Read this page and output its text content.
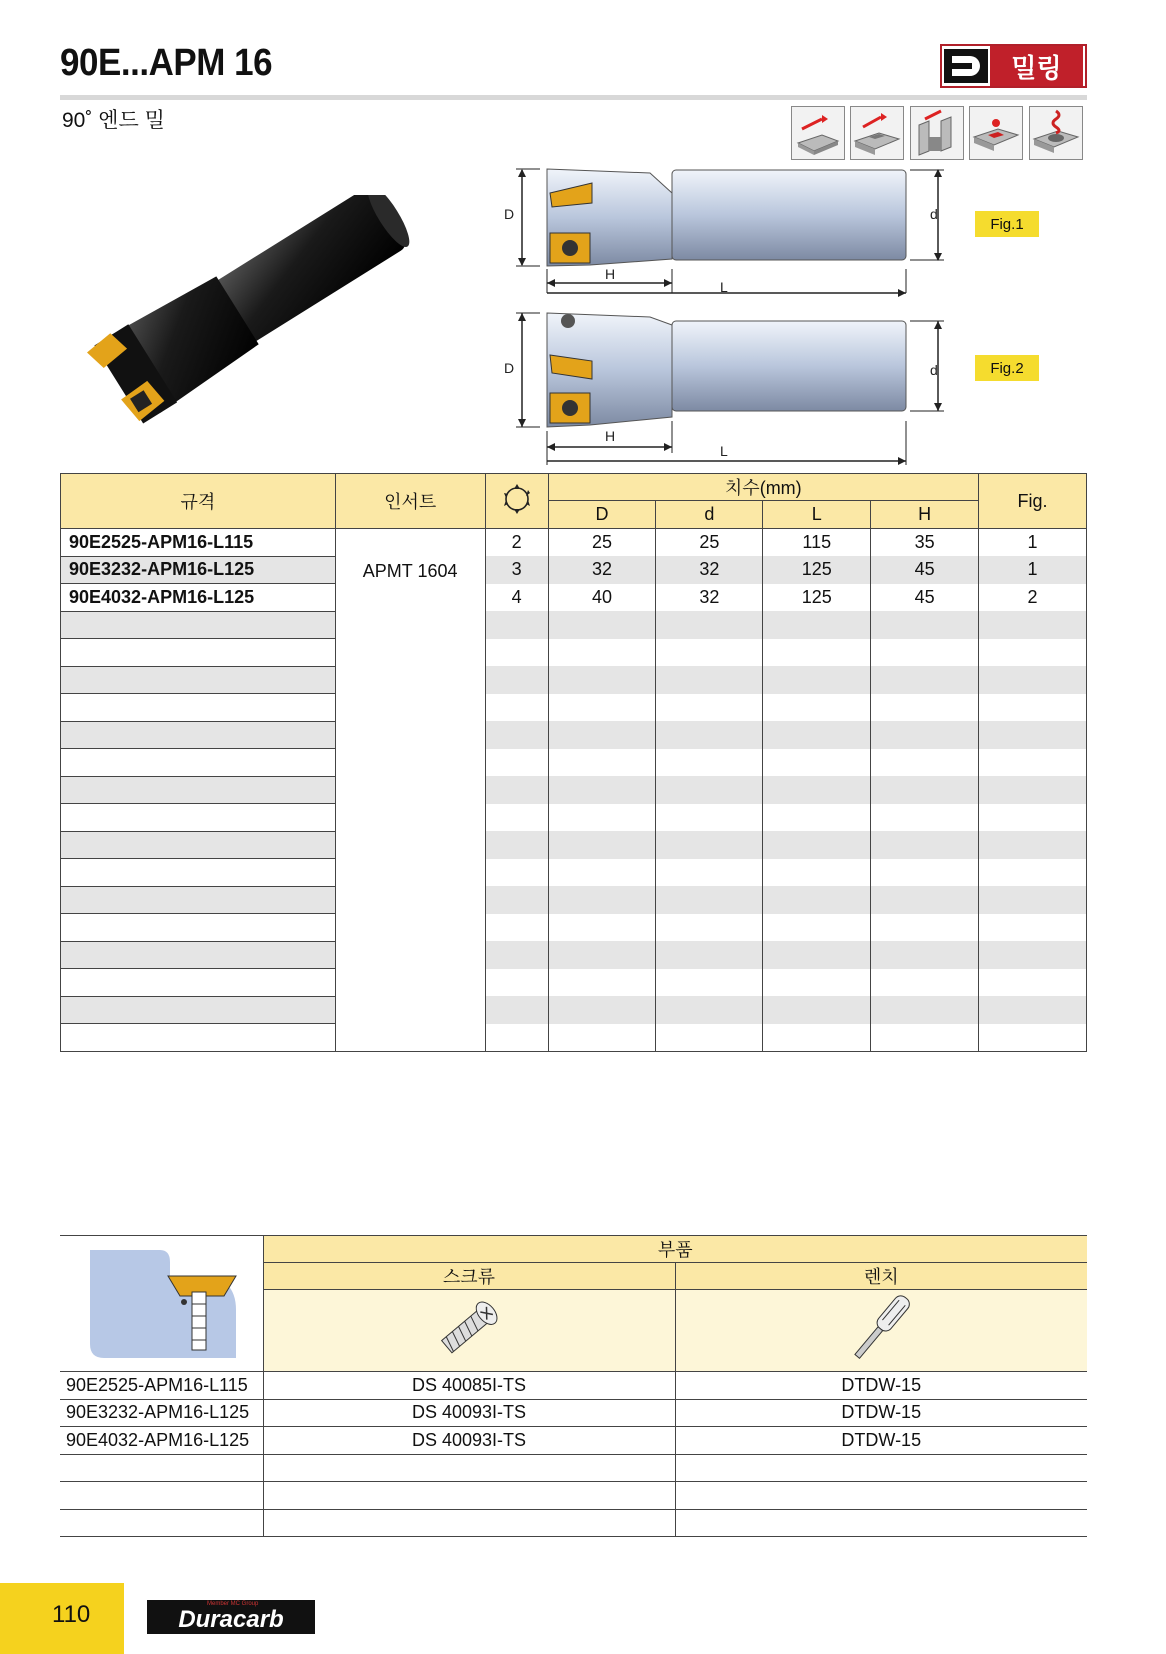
90E...APM 16	밀링
90˚ 엔드 밀
D	d
H
L
Fig.1
D	d
H
L
Fig.2
규격	인서트		치수(mm)				Fig.
			D	d	L	H	
90E2525-APM16-L115	APMT 1604	2	25	25	115	35	1
90E3232-APM16-L125		3	32	32	125	45	1
90E4032-APM16-L125		4	40	32	125	45	2

	부품	
	스크류	렌치

90E2525-APM16-L115	DS 40085I-TS	DTDW-15
90E3232-APM16-L125	DS 40093I-TS	DTDW-15
90E4032-APM16-L125	DS 40093I-TS	DTDW-15

110	Duracarb
Member MC Group
